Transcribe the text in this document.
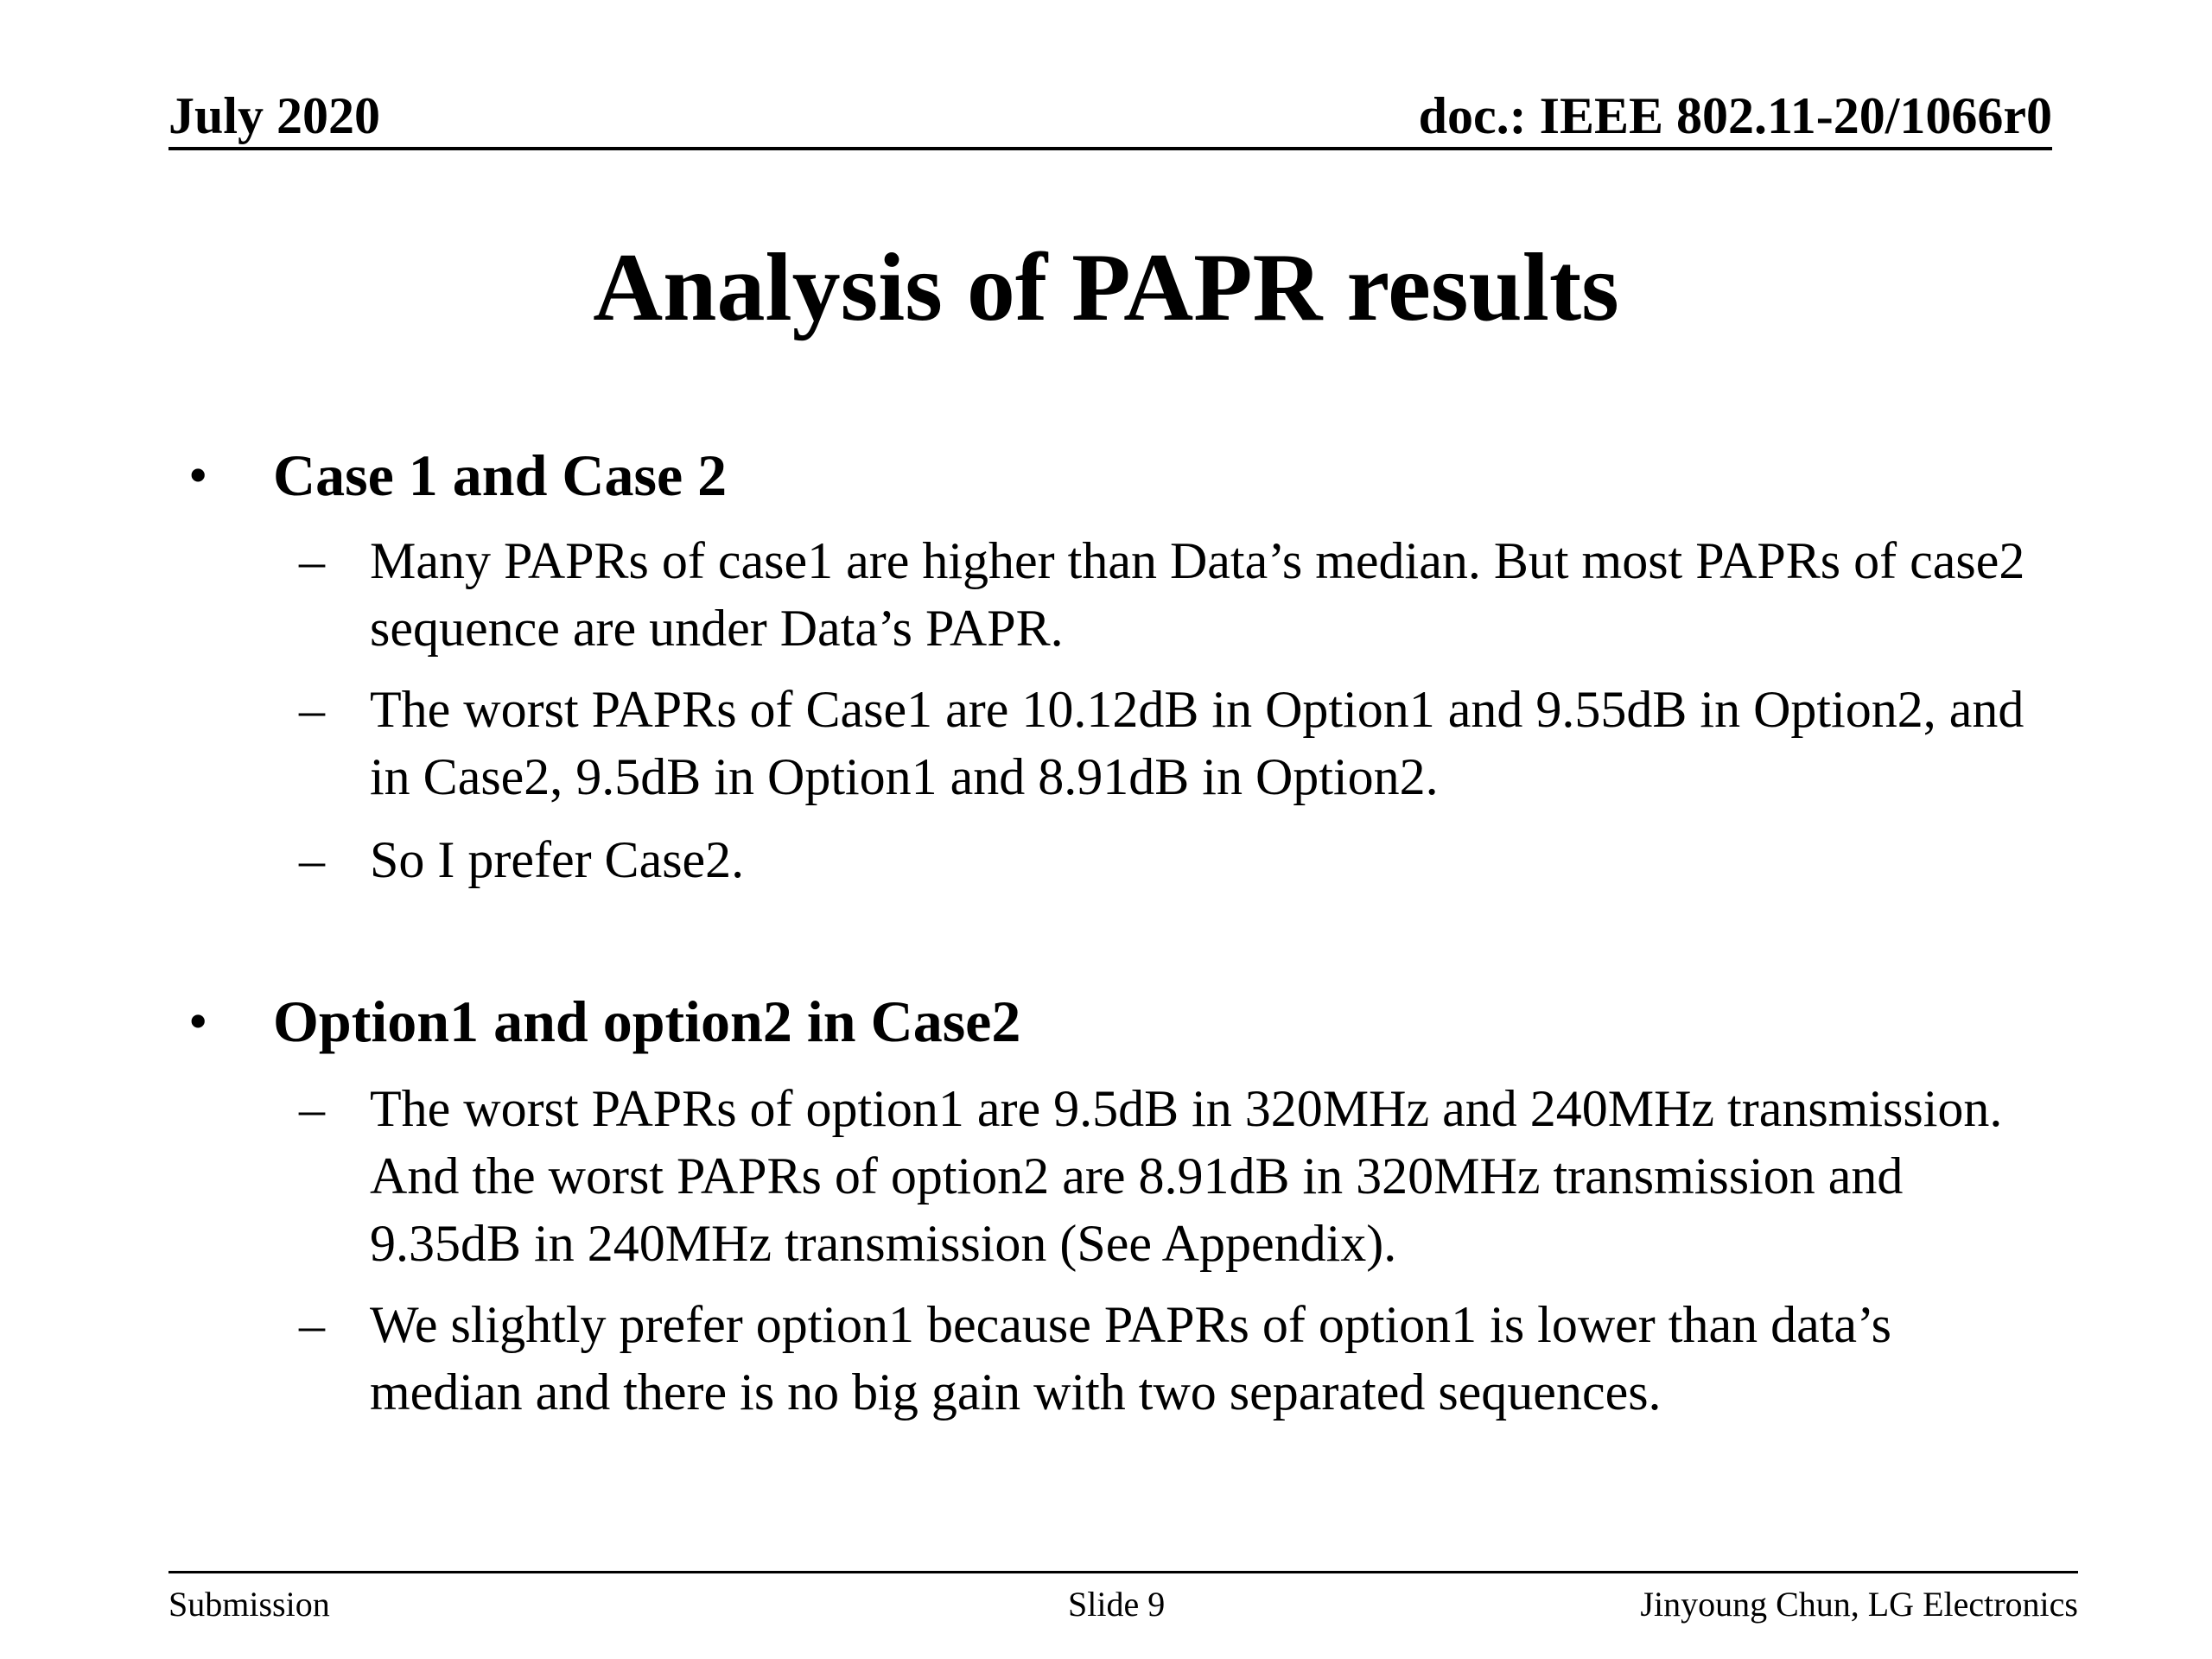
July 2020	doc.: IEEE 802.11-20/1066r0
Analysis of PAPR results
• Case 1 and Case 2
– Many PAPRs of case1 are higher than Data’s median. But most PAPRs of case2 sequence are under Data’s PAPR.
– The worst PAPRs of Case1 are 10.12dB in Option1 and 9.55dB in Option2, and in Case2, 9.5dB in Option1 and 8.91dB in Option2.
– So I prefer Case2.
• Option1 and option2 in Case2
– The worst PAPRs of option1 are 9.5dB in 320MHz and 240MHz transmission. And the worst PAPRs of option2 are 8.91dB in 320MHz transmission and 9.35dB in 240MHz transmission (See Appendix).
– We slightly prefer option1 because PAPRs of option1 is lower than data’s median and there is no big gain with two separated sequences.
Submission	Slide 9	Jinyoung Chun, LG Electronics
